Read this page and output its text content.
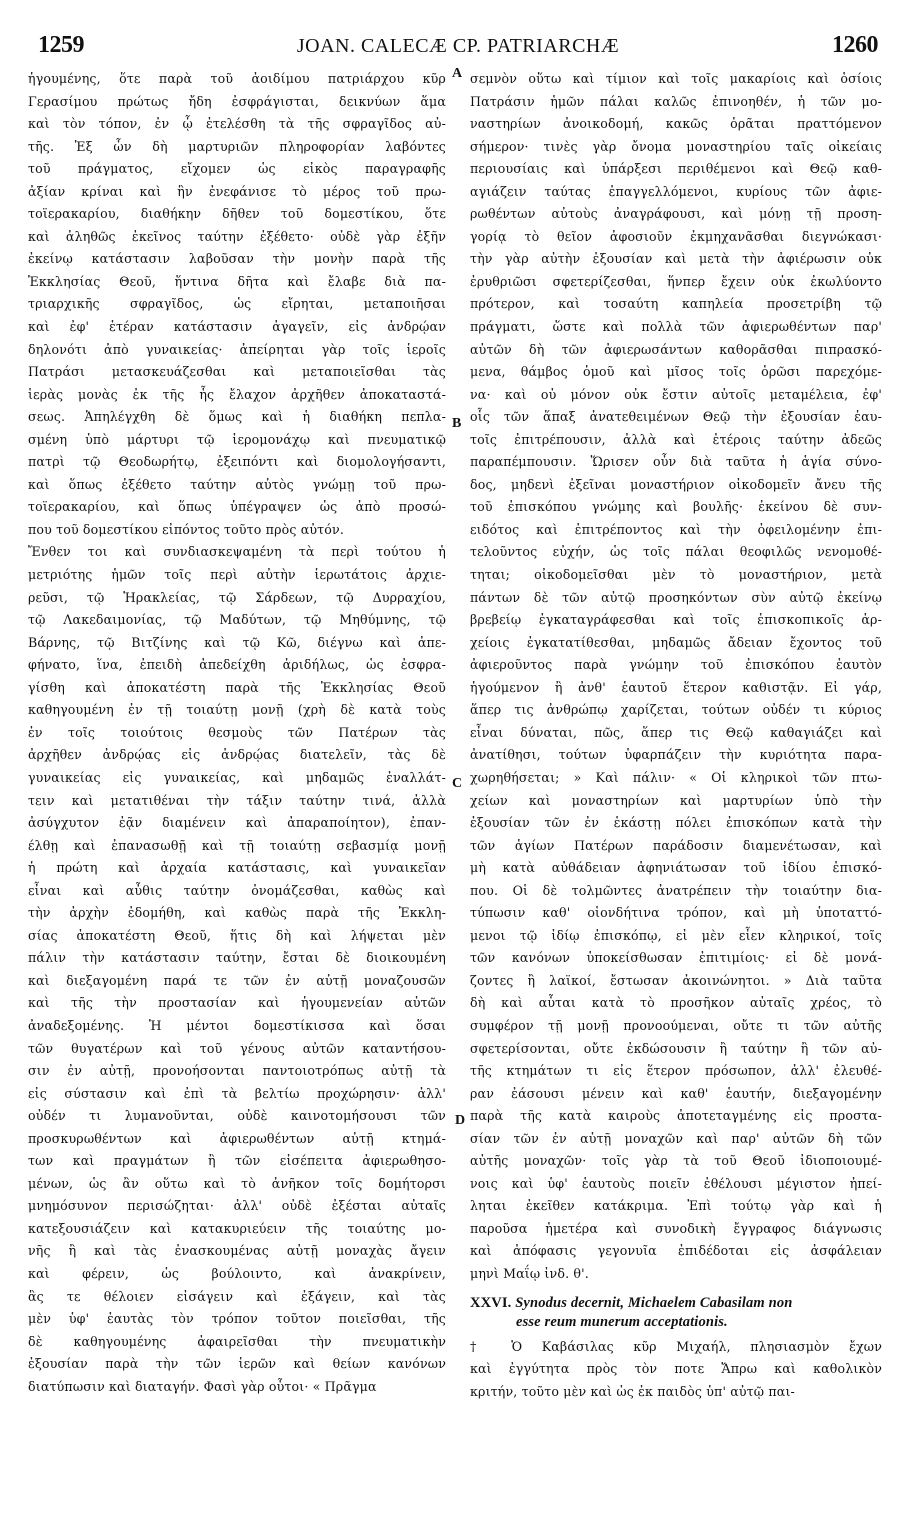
1259	JOAN. CALECÆ CP. PATRIARCHÆ	1260
ἡγουμένης, ὅτε παρὰ τοῦ ἀοιδίμου πατριάρχου κῦρ
Γερασίμου πρώτως ἤδη ἐσφράγισται, δεικνύων ἅμα
καὶ τὸν τόπον, ἐν ᾧ ἐτελέσθη τὰ τῆς σφραγῖδος αὐ-
τῆς. Ἐξ ὧν δὴ μαρτυριῶν πληροφορίαν λαβόντες
τοῦ πράγματος, εἴχομεν ὡς εἰκὸς παραγραφῆς
ἀξίαν κρίναι καὶ ἣν ἐνεφάνισε τὸ μέρος τοῦ πρω-
τοϊερακαρίου, διαθήκην δῆθεν τοῦ δομεστίκου, ὅτε
καὶ ἀληθῶς ἐκεῖνος ταύτην ἐξέθετο· οὐδὲ γὰρ ἐξῆν
ἐκείνῳ κατάστασιν λαβοῦσαν τὴν μονὴν παρὰ τῆς
Ἐκκλησίας Θεοῦ, ἥντινα δῆτα καὶ ἔλαβε διὰ πα-
τριαρχικῆς σφραγῖδος, ὡς εἴρηται, μεταποιῆσαι
καὶ ἐφ' ἑτέραν κατάστασιν ἀγαγεῖν, εἰς ἀνδρῴαν
δηλονότι ἀπὸ γυναικείας· ἀπείρηται γὰρ τοῖς ἱεροῖς
Πατράσι μετασκευάζεσθαι καὶ μεταποιεῖσθαι τὰς
ἱερὰς μονὰς ἐκ τῆς ἧς ἔλαχον ἀρχῆθεν ἀποκαταστά-
σεως. Ἀπηλέγχθη δὲ ὅμως καὶ ἡ διαθήκη πεπλα-
σμένη ὑπὸ μάρτυρι τῷ ἱερομονάχῳ καὶ πνευματικῷ
πατρὶ τῷ Θεοδωρήτῳ, ἐξειπόντι καὶ διομολογήσαντι,
καὶ ὅπως ἐξέθετο ταύτην αὐτὸς γνώμῃ τοῦ πρω-
τοϊερακαρίου, καὶ ὅπως ὑπέγραψεν ὡς ἀπὸ προσώ-
που τοῦ δομεστίκου εἰπόντος τοῦτο πρὸς αὐτόν.
Ἔνθεν τοι καὶ συνδιασκεψαμένη τὰ περὶ τούτου ἡ
μετριότης ἡμῶν τοῖς περὶ αὐτὴν ἱερωτάτοις ἀρχιε-
ρεῦσι, τῷ Ἡρακλείας, τῷ Σάρδεων, τῷ Δυρραχίου,
τῷ Λακεδαιμονίας, τῷ Μαδύτων, τῷ Μηθύμνης, τῷ
Βάρνης, τῷ Βιτζίνης καὶ τῷ Κῶ, διέγνω καὶ ἀπε-
φήνατο, ἵνα, ἐπειδὴ ἀπεδείχθη ἀριδήλως, ὡς ἐσφρα-
γίσθη καὶ ἀποκατέστη παρὰ τῆς Ἐκκλησίας Θεοῦ
καθηγουμένη ἐν τῇ τοιαύτῃ μονῇ (χρὴ δὲ κατὰ τοὺς
ἐν τοῖς τοιούτοις θεσμοὺς τῶν Πατέρων τὰς
ἀρχῆθεν ἀνδρῴας εἰς ἀνδρῴας διατελεῖν, τὰς δὲ
γυναικείας εἰς γυναικείας, καὶ μηδαμῶς ἐναλλάτ-
τειν καὶ μετατιθέναι τὴν τάξιν ταύτην τινά, ἀλλὰ
ἀσύγχυτον ἐᾷν διαμένειν καὶ ἀπαραποίητον), ἐπαν-
έλθῃ καὶ ἐπανασωθῇ καὶ τῇ τοιαύτῃ σεβασμίᾳ μονῇ
ἡ πρώτη καὶ ἀρχαία κατάστασις, καὶ γυναικεῖαν
εἶναι καὶ αὖθις ταύτην ὀνομάζεσθαι, καθὼς καὶ
τὴν ἀρχὴν ἐδομήθη, καὶ καθὼς παρὰ τῆς Ἐκκλη-
σίας ἀποκατέστη Θεοῦ, ἥτις δὴ καὶ λήψεται μὲν
πάλιν τὴν κατάστασιν ταύτην, ἔσται δὲ διοικουμένη
καὶ διεξαγομένη παρά τε τῶν ἐν αὐτῇ μοναζουσῶν
καὶ τῆς τὴν προστασίαν καὶ ἡγουμενείαν αὐτῶν
ἀναδεξομένης. Ἡ μέντοι δομεστίκισσα καὶ ὅσαι
τῶν θυγατέρων καὶ τοῦ γένους αὐτῶν καταντήσου-
σιν ἐν αὐτῇ, προνοήσονται παντοιοτρόπως αὐτῇ τὰ
εἰς σύστασιν καὶ ἐπὶ τὰ βελτίω προχώρησιν· ἀλλ'
οὐδέν τι λυμανοῦνται, οὐδὲ καινοτομήσουσι τῶν
προσκυρωθέντων καὶ ἀφιερωθέντων αὐτῇ κτημά-
των καὶ πραγμάτων ἢ τῶν εἰσέπειτα ἀφιερωθησο-
μένων, ὡς ἂν οὕτω καὶ τὸ ἀνῆκον τοῖς δομήτορσι
μνημόσυνον περισώζηται· ἀλλ' οὐδὲ ἐξέσται αὐταῖς
κατεξουσιάζειν καὶ κατακυριεύειν τῆς τοιαύτης μο-
νῆς ἢ καὶ τὰς ἐνασκουμένας αὐτῇ μοναχὰς ἄγειν
καὶ φέρειν, ὡς βούλοιντο, καὶ ἀνακρίνειν,
ἃς τε θέλοιεν εἰσάγειν καὶ ἐξάγειν, καὶ τὰς
μὲν ὑφ' ἑαυτὰς τὸν τρόπον τοῦτον ποιεῖσθαι, τῆς
δὲ καθηγουμένης ἀφαιρεῖσθαι τὴν πνευματικὴν
ἐξουσίαν παρὰ τὴν τῶν ἱερῶν καὶ θείων κανόνων
διατύπωσιν καὶ διαταγήν. Φασὶ γὰρ οὗτοι· « Πρᾶγμα
A
B
C
D
σεμνὸν οὕτω καὶ τίμιον καὶ τοῖς μακαρίοις καὶ ὁσίοις
Πατράσιν ἡμῶν πάλαι καλῶς ἐπινοηθέν, ἡ τῶν μο-
ναστηρίων ἀνοικοδομή, κακῶς ὁρᾶται πραττόμενον
σήμερον· τινὲς γὰρ ὄνομα μοναστηρίου ταῖς οἰκείαις
περιουσίαις καὶ ὑπάρξεσι περιθέμενοι καὶ Θεῷ καθ-
αγιάζειν ταύτας ἐπαγγελλόμενοι, κυρίους τῶν ἀφιε-
ρωθέντων αὐτοὺς ἀναγράφουσι, καὶ μόνῃ τῇ προση-
γορίᾳ τὸ θεῖον ἀφοσιοῦν ἐκμηχανᾶσθαι διεγνώκασι·
τὴν γὰρ αὐτὴν ἐξουσίαν καὶ μετὰ τὴν ἀφιέρωσιν οὐκ
ἐρυθριῶσι σφετερίζεσθαι, ἥνπερ ἔχειν οὐκ ἐκωλύοντο
πρότερον, καὶ τοσαύτη καπηλεία προσετρίβη τῷ
πράγματι, ὥστε καὶ πολλὰ τῶν ἀφιερωθέντων παρ'
αὐτῶν δὴ τῶν ἀφιερωσάντων καθορᾶσθαι πιπρασκό-
μενα, θάμβος ὁμοῦ καὶ μῖσος τοῖς ὁρῶσι παρεχόμε-
να· καὶ οὐ μόνον οὐκ ἔστιν αὐτοῖς μεταμέλεια, ἐφ'
οἷς τῶν ἅπαξ ἀνατεθειμένων Θεῷ τὴν ἐξουσίαν ἑαυ-
τοῖς ἐπιτρέπουσιν, ἀλλὰ καὶ ἑτέροις ταύτην ἀδεῶς
παραπέμπουσιν. Ὥρισεν οὖν διὰ ταῦτα ἡ ἁγία σύνο-
δος, μηδενὶ ἐξεῖναι μοναστήριον οἰκοδομεῖν ἄνευ τῆς
τοῦ ἐπισκόπου γνώμης καὶ βουλῆς· ἐκείνου δὲ συν-
ειδότος καὶ ἐπιτρέποντος καὶ τὴν ὀφειλομένην ἐπι-
τελοῦντος εὐχήν, ὡς τοῖς πάλαι θεοφιλῶς νενομοθέ-
τηται; οἰκοδομεῖσθαι μὲν τὸ μοναστήριον, μετὰ
πάντων δὲ τῶν αὐτῷ προσηκόντων σὺν αὐτῷ ἐκείνῳ
βρεβείῳ ἐγκαταγράφεσθαι καὶ τοῖς ἐπισκοπικοῖς ἀρ-
χείοις ἐγκατατίθεσθαι, μηδαμῶς ἄδειαν ἔχοντος τοῦ
ἀφιεροῦντος παρὰ γνώμην τοῦ ἐπισκόπου ἑαυτὸν
ἡγούμενον ἢ ἀνθ' ἑαυτοῦ ἕτερον καθιστᾷν. Εἰ γάρ,
ἅπερ τις ἀνθρώπῳ χαρίζεται, τούτων οὐδέν τι κύριος
εἶναι δύναται, πῶς, ἅπερ τις Θεῷ καθαγιάζει καὶ
ἀνατίθησι, τούτων ὑφαρπάζειν τὴν κυριότητα παρα-
χωρηθήσεται; » Καὶ πάλιν· « Οἱ κληρικοὶ τῶν πτω-
χείων καὶ μοναστηρίων καὶ μαρτυρίων ὑπὸ τὴν
ἐξουσίαν τῶν ἐν ἑκάστῃ πόλει ἐπισκόπων κατὰ τὴν
τῶν ἁγίων Πατέρων παράδοσιν διαμενέτωσαν, καὶ
μὴ κατὰ αὐθάδειαν ἀφηνιάτωσαν τοῦ ἰδίου ἐπισκό-
που. Οἱ δὲ τολμῶντες ἀνατρέπειν τὴν τοιαύτην δια-
τύπωσιν καθ' οἱονδήτινα τρόπον, καὶ μὴ ὑποταττό-
μενοι τῷ ἰδίῳ ἐπισκόπῳ, εἰ μὲν εἶεν κληρικοί, τοῖς
τῶν κανόνων ὑποκείσθωσαν ἐπιτιμίοις· εἰ δὲ μονά-
ζοντες ἢ λαϊκοί, ἔστωσαν ἀκοινώνητοι. » Διὰ ταῦτα
δὴ καὶ αὗται κατὰ τὸ προσῆκον αὐταῖς χρέος, τὸ
συμφέρον τῇ μονῇ προνοούμεναι, οὔτε τι τῶν αὐτῆς
σφετερίσονται, οὔτε ἐκδώσουσιν ἢ ταύτην ἢ τῶν αὐ-
τῆς κτημάτων τι εἰς ἕτερον πρόσωπον, ἀλλ' ἐλευθέ-
ραν ἐάσουσι μένειν καὶ καθ' ἑαυτήν, διεξαγομένην
παρὰ τῆς κατὰ καιροὺς ἀποτεταγμένης εἰς προστα-
σίαν τῶν ἐν αὐτῇ μοναχῶν καὶ παρ' αὐτῶν δὴ τῶν
αὐτῆς μοναχῶν· τοῖς γὰρ τὰ τοῦ Θεοῦ ἰδιοποιουμέ-
νοις καὶ ὑφ' ἑαυτοὺς ποιεῖν ἐθέλουσι μέγιστον ἠπεί-
ληται ἐκεῖθεν κατάκριμα. Ἐπὶ τούτῳ γὰρ καὶ ἡ
παροῦσα ἡμετέρα καὶ συνοδικὴ ἔγγραφος διάγνωσις
καὶ ἀπόφασις γεγονυῖα ἐπιδέδοται εἰς ἀσφάλειαν
μηνὶ Μαΐῳ ἰνδ. θ'.
XXVI. Synodus decernit, Michaelem Cabasilam non
esse reum munerum acceptationis.
† Ὁ Καβάσιλας κῦρ Μιχαήλ, πλησιασμὸν ἔχων
καὶ ἐγγύτητα πρὸς τὸν ποτε Ἄπρω καὶ καθολικὸν
κριτήν, τοῦτο μὲν καὶ ὡς ἐκ παιδὸς ὑπ' αὐτῷ παι-
